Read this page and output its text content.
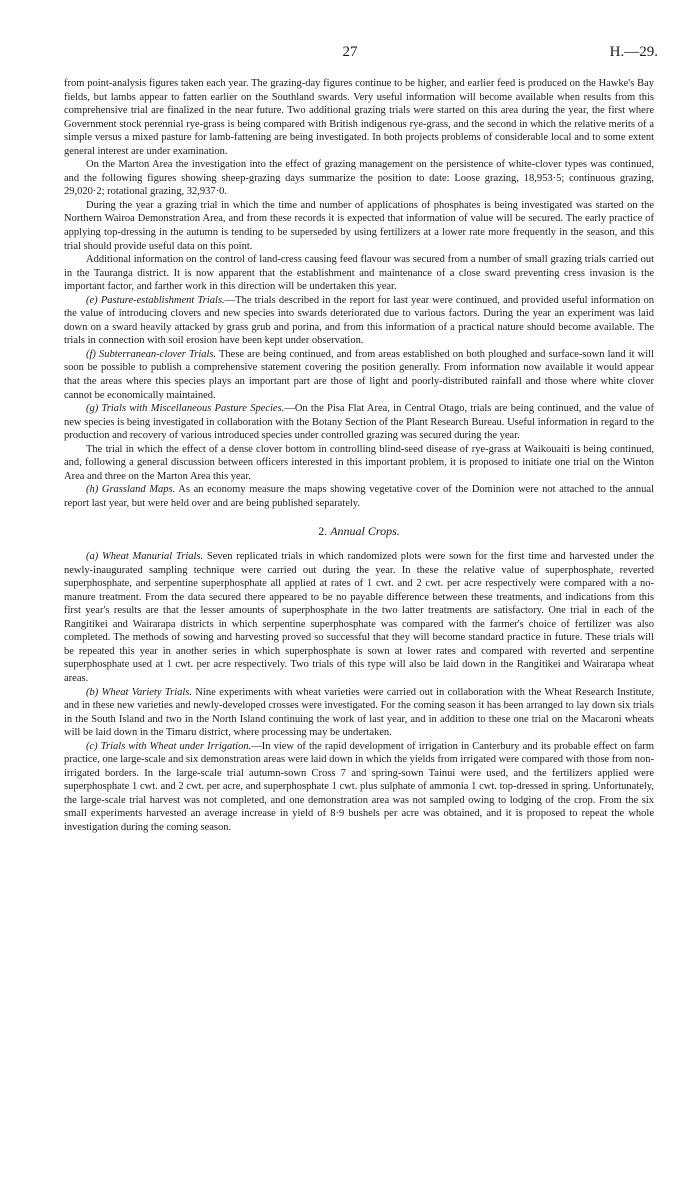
27	H.—29.

from point-analysis figures taken each year. The grazing-day figures continue to be higher, and earlier feed is produced on the Hawke's Bay fields, but lambs appear to fatten earlier on the Southland swards. Very useful information will become available when results from this comprehensive trial are finalized in the near future. Two additional grazing trials were started on this area during the year, the first where Government stock perennial rye-grass is being compared with British indigenous rye-grass, and the second in which the relative merits of a simple versus a mixed pasture for lamb-fattening are being investigated. In both projects problems of considerable local and to some extent general interest are under examination.

On the Marton Area the investigation into the effect of grazing management on the persistence of white-clover types was continued, and the following figures showing sheep-grazing days summarize the position to date: Loose grazing, 18,953·5; continuous grazing, 29,020·2; rotational grazing, 32,937·0.

During the year a grazing trial in which the time and number of applications of phosphates is being investigated was started on the Northern Wairoa Demonstration Area, and from these records it is expected that information of value will be secured. The early practice of applying top-dressing in the autumn is tending to be superseded by using fertilizers at a lower rate more frequently in the season, and this trial should provide useful data on this point.

Additional information on the control of land-cress causing feed flavour was secured from a number of small grazing trials carried out in the Tauranga district. It is now apparent that the establishment and maintenance of a close sward preventing cress invasion is the important factor, and farther work in this direction will be undertaken this year.

(e) Pasture-establishment Trials.—The trials described in the report for last year were continued, and provided useful information on the value of introducing clovers and new species into swards deteriorated due to various factors. During the year an experiment was laid down on a sward heavily attacked by grass grub and porina, and from this information of a practical nature should become available. The trials in connection with soil erosion have been kept under observation.

(f) Subterranean-clover Trials. These are being continued, and from areas established on both ploughed and surface-sown land it will soon be possible to publish a comprehensive statement covering the position generally. From information now available it would appear that the areas where this species plays an important part are those of light and poorly-distributed rainfall and those where white clover cannot be economically maintained.

(g) Trials with Miscellaneous Pasture Species.—On the Pisa Flat Area, in Central Otago, trials are being continued, and the value of new species is being investigated in collaboration with the Botany Section of the Plant Research Bureau. Useful information in regard to the production and recovery of various introduced species under controlled grazing was secured during the year.

The trial in which the effect of a dense clover bottom in controlling blind-seed disease of rye-grass at Waikouaiti is being continued, and, following a general discussion between officers interested in this important problem, it is proposed to initiate one trial on the Winton Area and three on the Marton Area this year.

(h) Grassland Maps. As an economy measure the maps showing vegetative cover of the Dominion were not attached to the annual report last year, but were held over and are being published separately.

2. Annual Crops.

(a) Wheat Manurial Trials. Seven replicated trials in which randomized plots were sown for the first time and harvested under the newly-inaugurated sampling technique were carried out during the year. In these the relative value of superphosphate, reverted superphosphate, and serpentine superphosphate all applied at rates of 1 cwt. and 2 cwt. per acre respectively were compared with a no-manure treatment. From the data secured there appeared to be no payable difference between these treatments, and indications from this first year's results are that the lesser amounts of superphosphate in the two latter treatments are satisfactory. One trial in each of the Rangitikei and Wairarapa districts in which serpentine superphosphate was compared with the farmer's choice of fertilizer was also completed. The methods of sowing and harvesting proved so successful that they will become standard practice in future. These trials will be repeated this year in another series in which superphosphate is sown at lower rates and compared with reverted and serpentine superphosphate used at 1 cwt. per acre respectively. Two trials of this type will also be laid down in the Rangitikei and Wairarapa wheat areas.

(b) Wheat Variety Trials. Nine experiments with wheat varieties were carried out in collaboration with the Wheat Research Institute, and in these new varieties and newly-developed crosses were investigated. For the coming season it has been arranged to lay down six trials in the South Island and two in the North Island continuing the work of last year, and in addition to these one trial on the Macaroni wheats will be laid down in the Timaru district, where processing may be undertaken.

(c) Trials with Wheat under Irrigation.—In view of the rapid development of irrigation in Canterbury and its probable effect on farm practice, one large-scale and six demonstration areas were laid down in which the yields from irrigated were compared with those from non-irrigated borders. In the large-scale trial autumn-sown Cross 7 and spring-sown Tainui were used, and the fertilizers applied were superphosphate 1 cwt. and 2 cwt. per acre, and superphosphate 1 cwt. plus sulphate of ammonia 1 cwt. top-dressed in spring. Unfortunately, the large-scale trial harvest was not completed, and one demonstration area was not sampled owing to lodging of the crop. From the six small experiments harvested an average increase in yield of 8·9 bushels per acre was obtained, and it is proposed to repeat the whole investigation during the coming season.
